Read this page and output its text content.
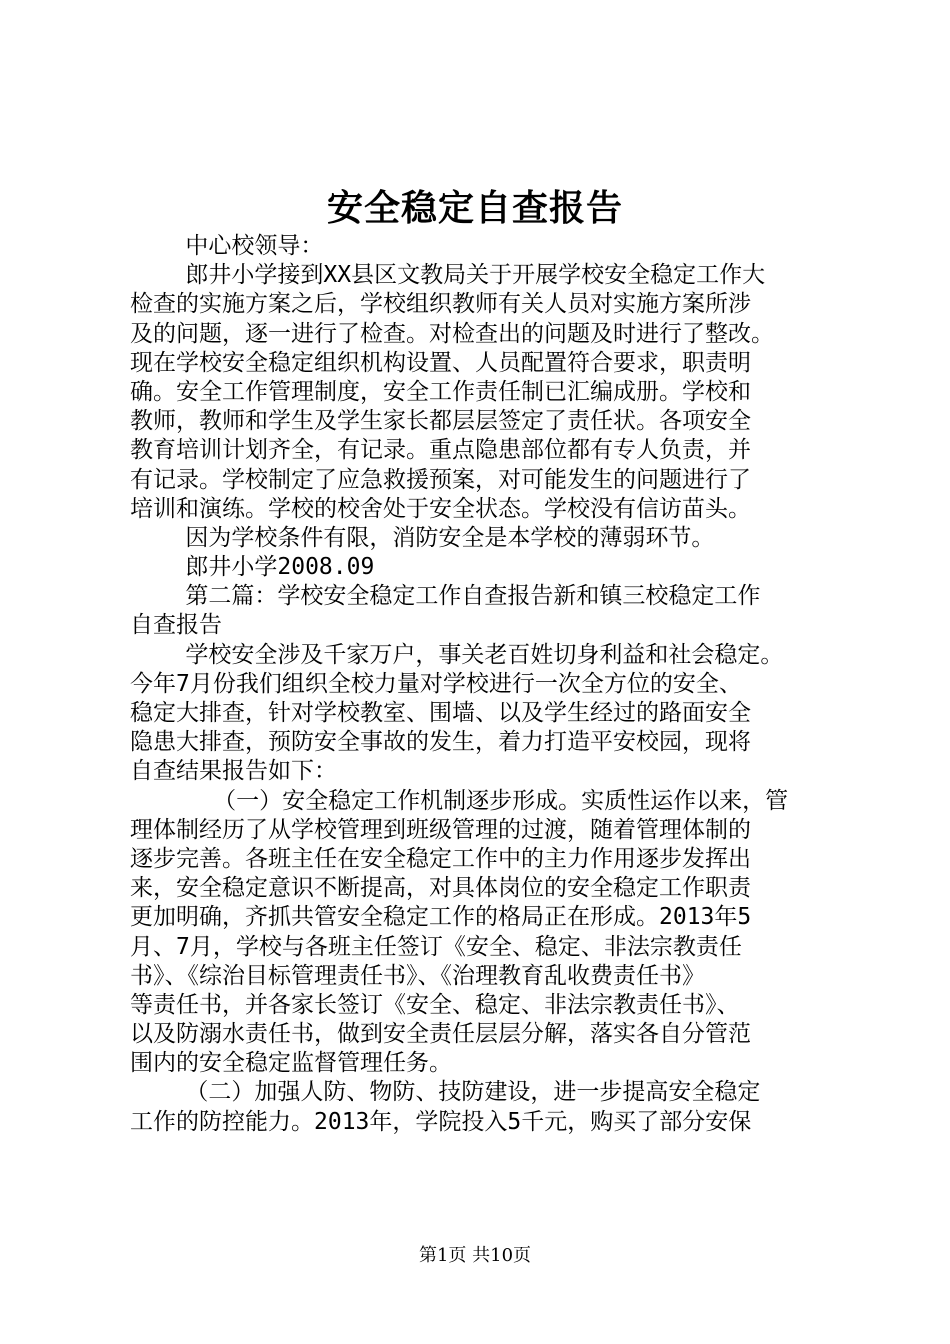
安全稳定自查报告
中心校领导：
郎井小学接到XX县区文教局关于开展学校安全稳定工作大
检查的实施方案之后，学校组织教师有关人员对实施方案所涉
及的问题，逐一进行了检查。对检查出的问题及时进行了整改。
现在学校安全稳定组织机构设置、人员配置符合要求，职责明
确。安全工作管理制度，安全工作责任制已汇编成册。学校和
教师，教师和学生及学生家长都层层签定了责任状。各项安全
教育培训计划齐全，有记录。重点隐患部位都有专人负责，并
有记录。学校制定了应急救援预案，对可能发生的问题进行了
培训和演练。学校的校舍处于安全状态。学校没有信访苗头。
因为学校条件有限，消防安全是本学校的薄弱环节。
郎井小学2008.09
第二篇：学校安全稳定工作自查报告新和镇三校稳定工作
自查报告
学校安全涉及千家万户，事关老百姓切身利益和社会稳定。
今年7月份我们组织全校力量对学校进行一次全方位的安全、
稳定大排查，针对学校教室、围墙、以及学生经过的路面安全
隐患大排查，预防安全事故的发生，着力打造平安校园，现将
自查结果报告如下：
（一）安全稳定工作机制逐步形成。实质性运作以来，管
理体制经历了从学校管理到班级管理的过渡，随着管理体制的
逐步完善。各班主任在安全稳定工作中的主力作用逐步发挥出
来，安全稳定意识不断提高，对具体岗位的安全稳定工作职责
更加明确，齐抓共管安全稳定工作的格局正在形成。2013年5
月、7月，学校与各班主任签订《安全、稳定、非法宗教责任
书》、《综治目标管理责任书》、《治理教育乱收费责任书》
等责任书，并各家长签订《安全、稳定、非法宗教责任书》、
以及防溺水责任书，做到安全责任层层分解，落实各自分管范
围内的安全稳定监督管理任务。
（二）加强人防、物防、技防建设，进一步提高安全稳定
工作的防控能力。2013年，学院投入5千元，购买了部分安保
第1页 共10页
